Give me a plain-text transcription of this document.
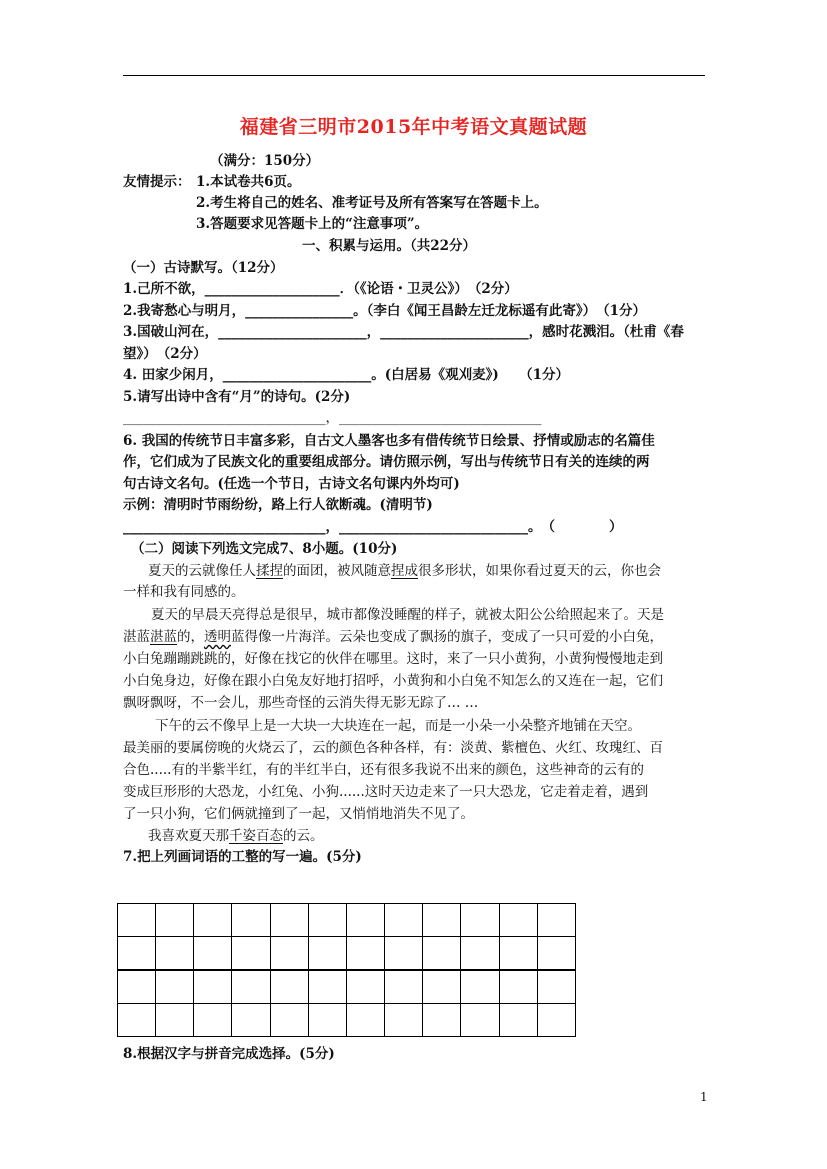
福建省三明市2015年中考语文真题试题
（满分：150分）
友情提示： 1.本试卷共6页。
2.考生将自己的姓名、准考证号及所有答案写在答题卡上。
3.答题要求见答题卡上的“注意事项”。
一、积累与运用。（共22分）
（一）古诗默写。（12分）
1.己所不欲，____________________．（《论语・卫灵公》）　（2分）
2.我寄愁心与明月，________________。（李白《闻王昌龄左迁龙标遥有此寄》）　（1分）
3.国破山河在，______________________，______________________，感时花溅泪。（杜甫《春
望》）　（2分）
4. 田家少闲月，______________________。(白居易《观刈麦》)　　（1分）
5.请写出诗中含有“月”的诗句。(2分)
______________________________，______________________________
6. 我国的传统节日丰富多彩，自古文人墨客也多有借传统节日绘景、抒情或励志的名篇佳
作，它们成为了民族文化的重要组成部分。请仿照示例，写出与传统节日有关的连续的两
句古诗文名句。(任选一个节日，古诗文名句课内外均可)
示例：清明时节雨纷纷，路上行人欲断魂。(清明节)
______________________________，____________________________。　（　　　　）
（二）阅读下列选文完成7、8小题。(10分)
夏天的云就像任人揉捏的面团，被风随意捏成很多形状，如果你看过夏天的云，你也会
一样和我有同感的。
夏天的早晨天亮得总是很早，城市都像没睡醒的样子，就被太阳公公给照起来了。天是
湛蓝湛蓝的，透明蓝得像一片海洋。云朵也变成了飘扬的旗子，变成了一只可爱的小白兔，
小白兔蹦蹦跳跳的，好像在找它的伙伴在哪里。这时，来了一只小黄狗，小黄狗慢慢地走到
小白兔身边，好像在跟小白兔友好地打招呼，小黄狗和小白兔不知怎么的又连在一起，它们
飘呀飘呀，不一会儿，那些奇怪的云消失得无影无踪了… …
下午的云不像早上是一大块一大块连在一起，而是一小朵一小朵整齐地铺在天空。
最美丽的要属傍晚的火烧云了，云的颜色各种各样，有：淡黄、紫檀色、火红、玫瑰红、百
合色.....有的半紫半红，有的半红半白，还有很多我说不出来的颜色，这些神奇的云有的
变成巨形形的大恐龙，小红兔、小狗......这时天边走来了一只大恐龙，它走着走着，遇到
了一只小狗，它们俩就撞到了一起，又悄悄地消失不见了。
我喜欢夏天那千姿百态的云。
7.把上列画词语的工整的写一遍。(5分)

8.根据汉字与拼音完成选择。(5分)
1
